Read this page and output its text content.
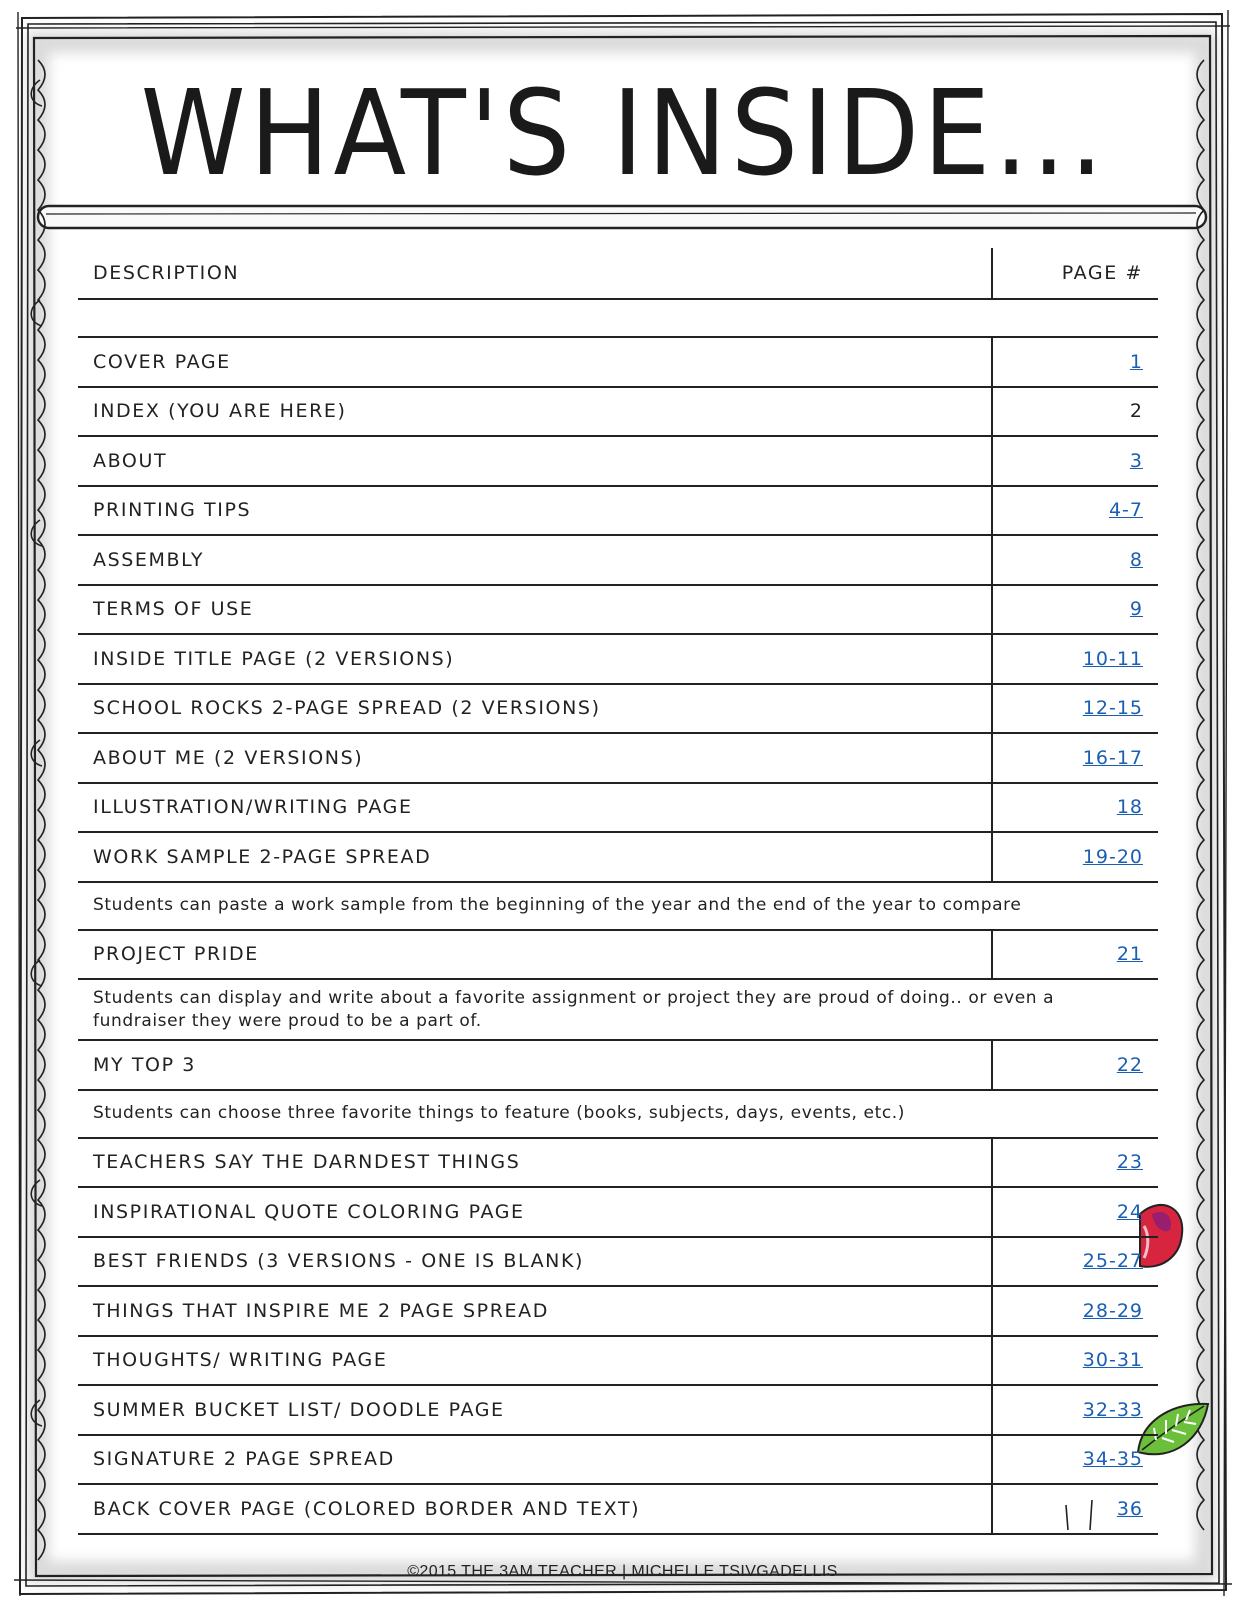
WHAT'S INSIDE...
DESCRIPTION	PAGE #
COVER PAGE	1
INDEX (YOU ARE HERE)	2
ABOUT	3
PRINTING TIPS	4-7
ASSEMBLY	8
TERMS OF USE	9
INSIDE TITLE PAGE (2 VERSIONS)	10-11
SCHOOL ROCKS 2-PAGE SPREAD (2 VERSIONS)	12-15
ABOUT ME (2 VERSIONS)	16-17
ILLUSTRATION/WRITING PAGE	18
WORK SAMPLE 2-PAGE SPREAD	19-20
Students can paste a work sample from the beginning of the year and the end of the year to compare
PROJECT PRIDE	21
Students can display and write about a favorite assignment or project they are proud of doing.. or even a fundraiser they were proud to be a part of.
MY TOP 3	22
Students can choose three favorite things to feature (books, subjects, days, events, etc.)
TEACHERS SAY THE DARNDEST THINGS	23
INSPIRATIONAL QUOTE COLORING PAGE	24
BEST FRIENDS (3 VERSIONS - ONE IS BLANK)	25-27
THINGS THAT INSPIRE ME 2 PAGE SPREAD	28-29
THOUGHTS/ WRITING PAGE	30-31
SUMMER BUCKET LIST/ DOODLE PAGE	32-33
SIGNATURE 2 PAGE SPREAD	34-35
BACK COVER PAGE (COLORED BORDER AND TEXT)	36
©2015 THE 3AM TEACHER | MICHELLE TSIVGADELLIS
